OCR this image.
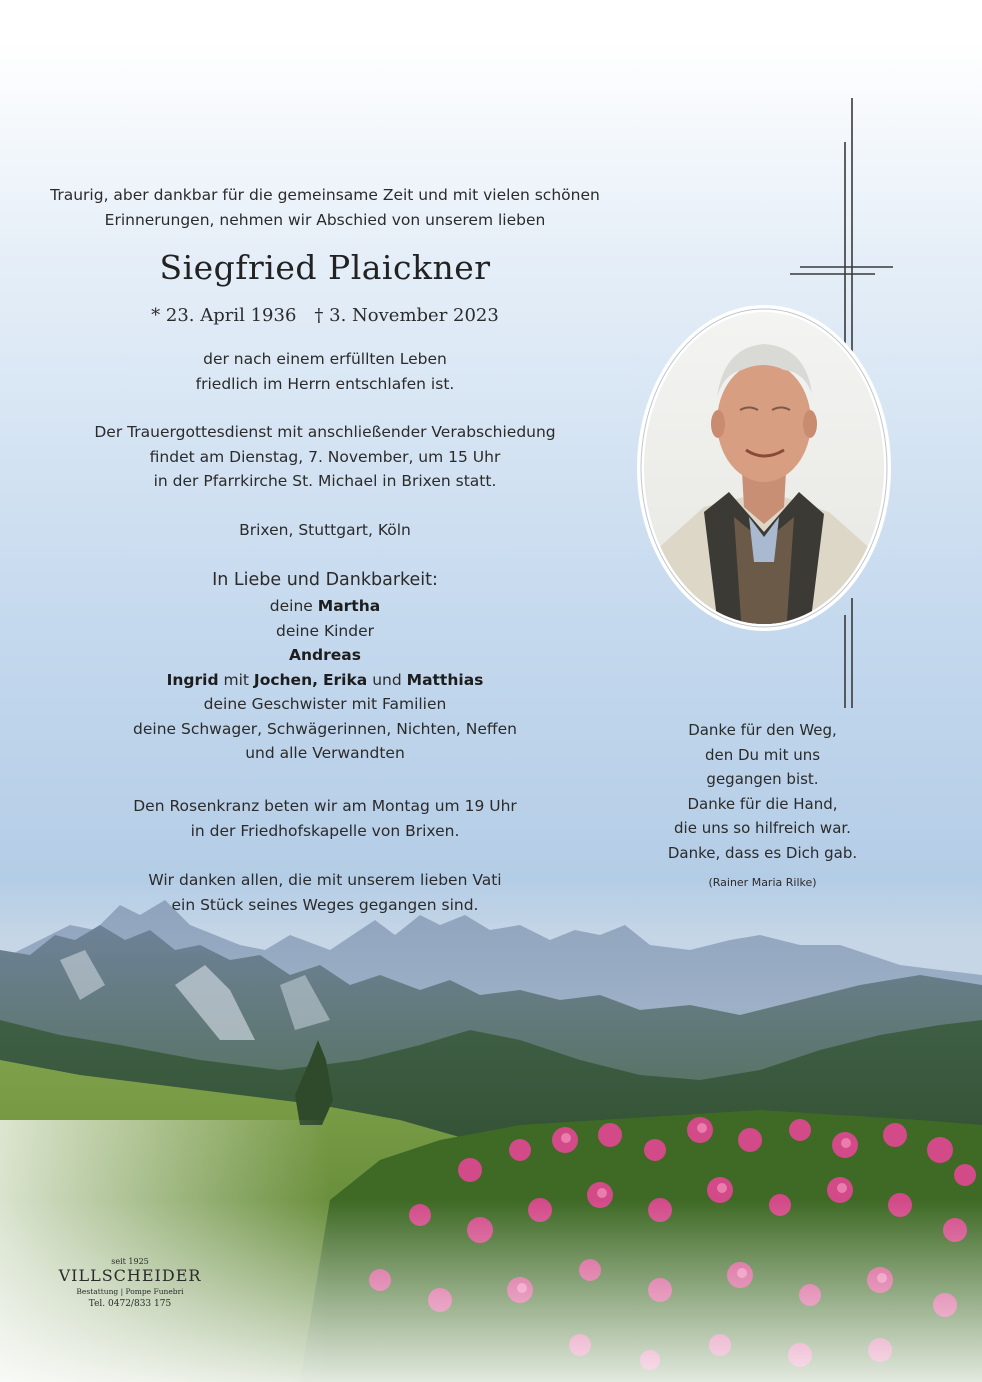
Traurig, aber dankbar für die gemeinsame Zeit und mit vielen schönen
Erinnerungen, nehmen wir Abschied von unserem lieben
Siegfried Plaickner
* 23. April 1936 † 3. November 2023
der nach einem erfüllten Leben
friedlich im Herrn entschlafen ist.
Der Trauergottesdienst mit anschließender Verabschiedung
findet am Dienstag, 7. November, um 15 Uhr
in der Pfarrkirche St. Michael in Brixen statt.
Brixen, Stuttgart, Köln
In Liebe und Dankbarkeit:
deine Martha
deine Kinder
Andreas
Ingrid mit Jochen, Erika und Matthias
deine Geschwister mit Familien
deine Schwager, Schwägerinnen, Nichten, Neffen
und alle Verwandten
Den Rosenkranz beten wir am Montag um 19 Uhr
in der Friedhofskapelle von Brixen.
Wir danken allen, die mit unserem lieben Vati
ein Stück seines Weges gegangen sind.
Danke für den Weg,
den Du mit uns
gegangen bist.
Danke für die Hand,
die uns so hilfreich war.
Danke, dass es Dich gab.
(Rainer Maria Rilke)
seit 1925
VILLSCHEIDER
Bestattung | Pompe Funebri
Tel. 0472/833 175
